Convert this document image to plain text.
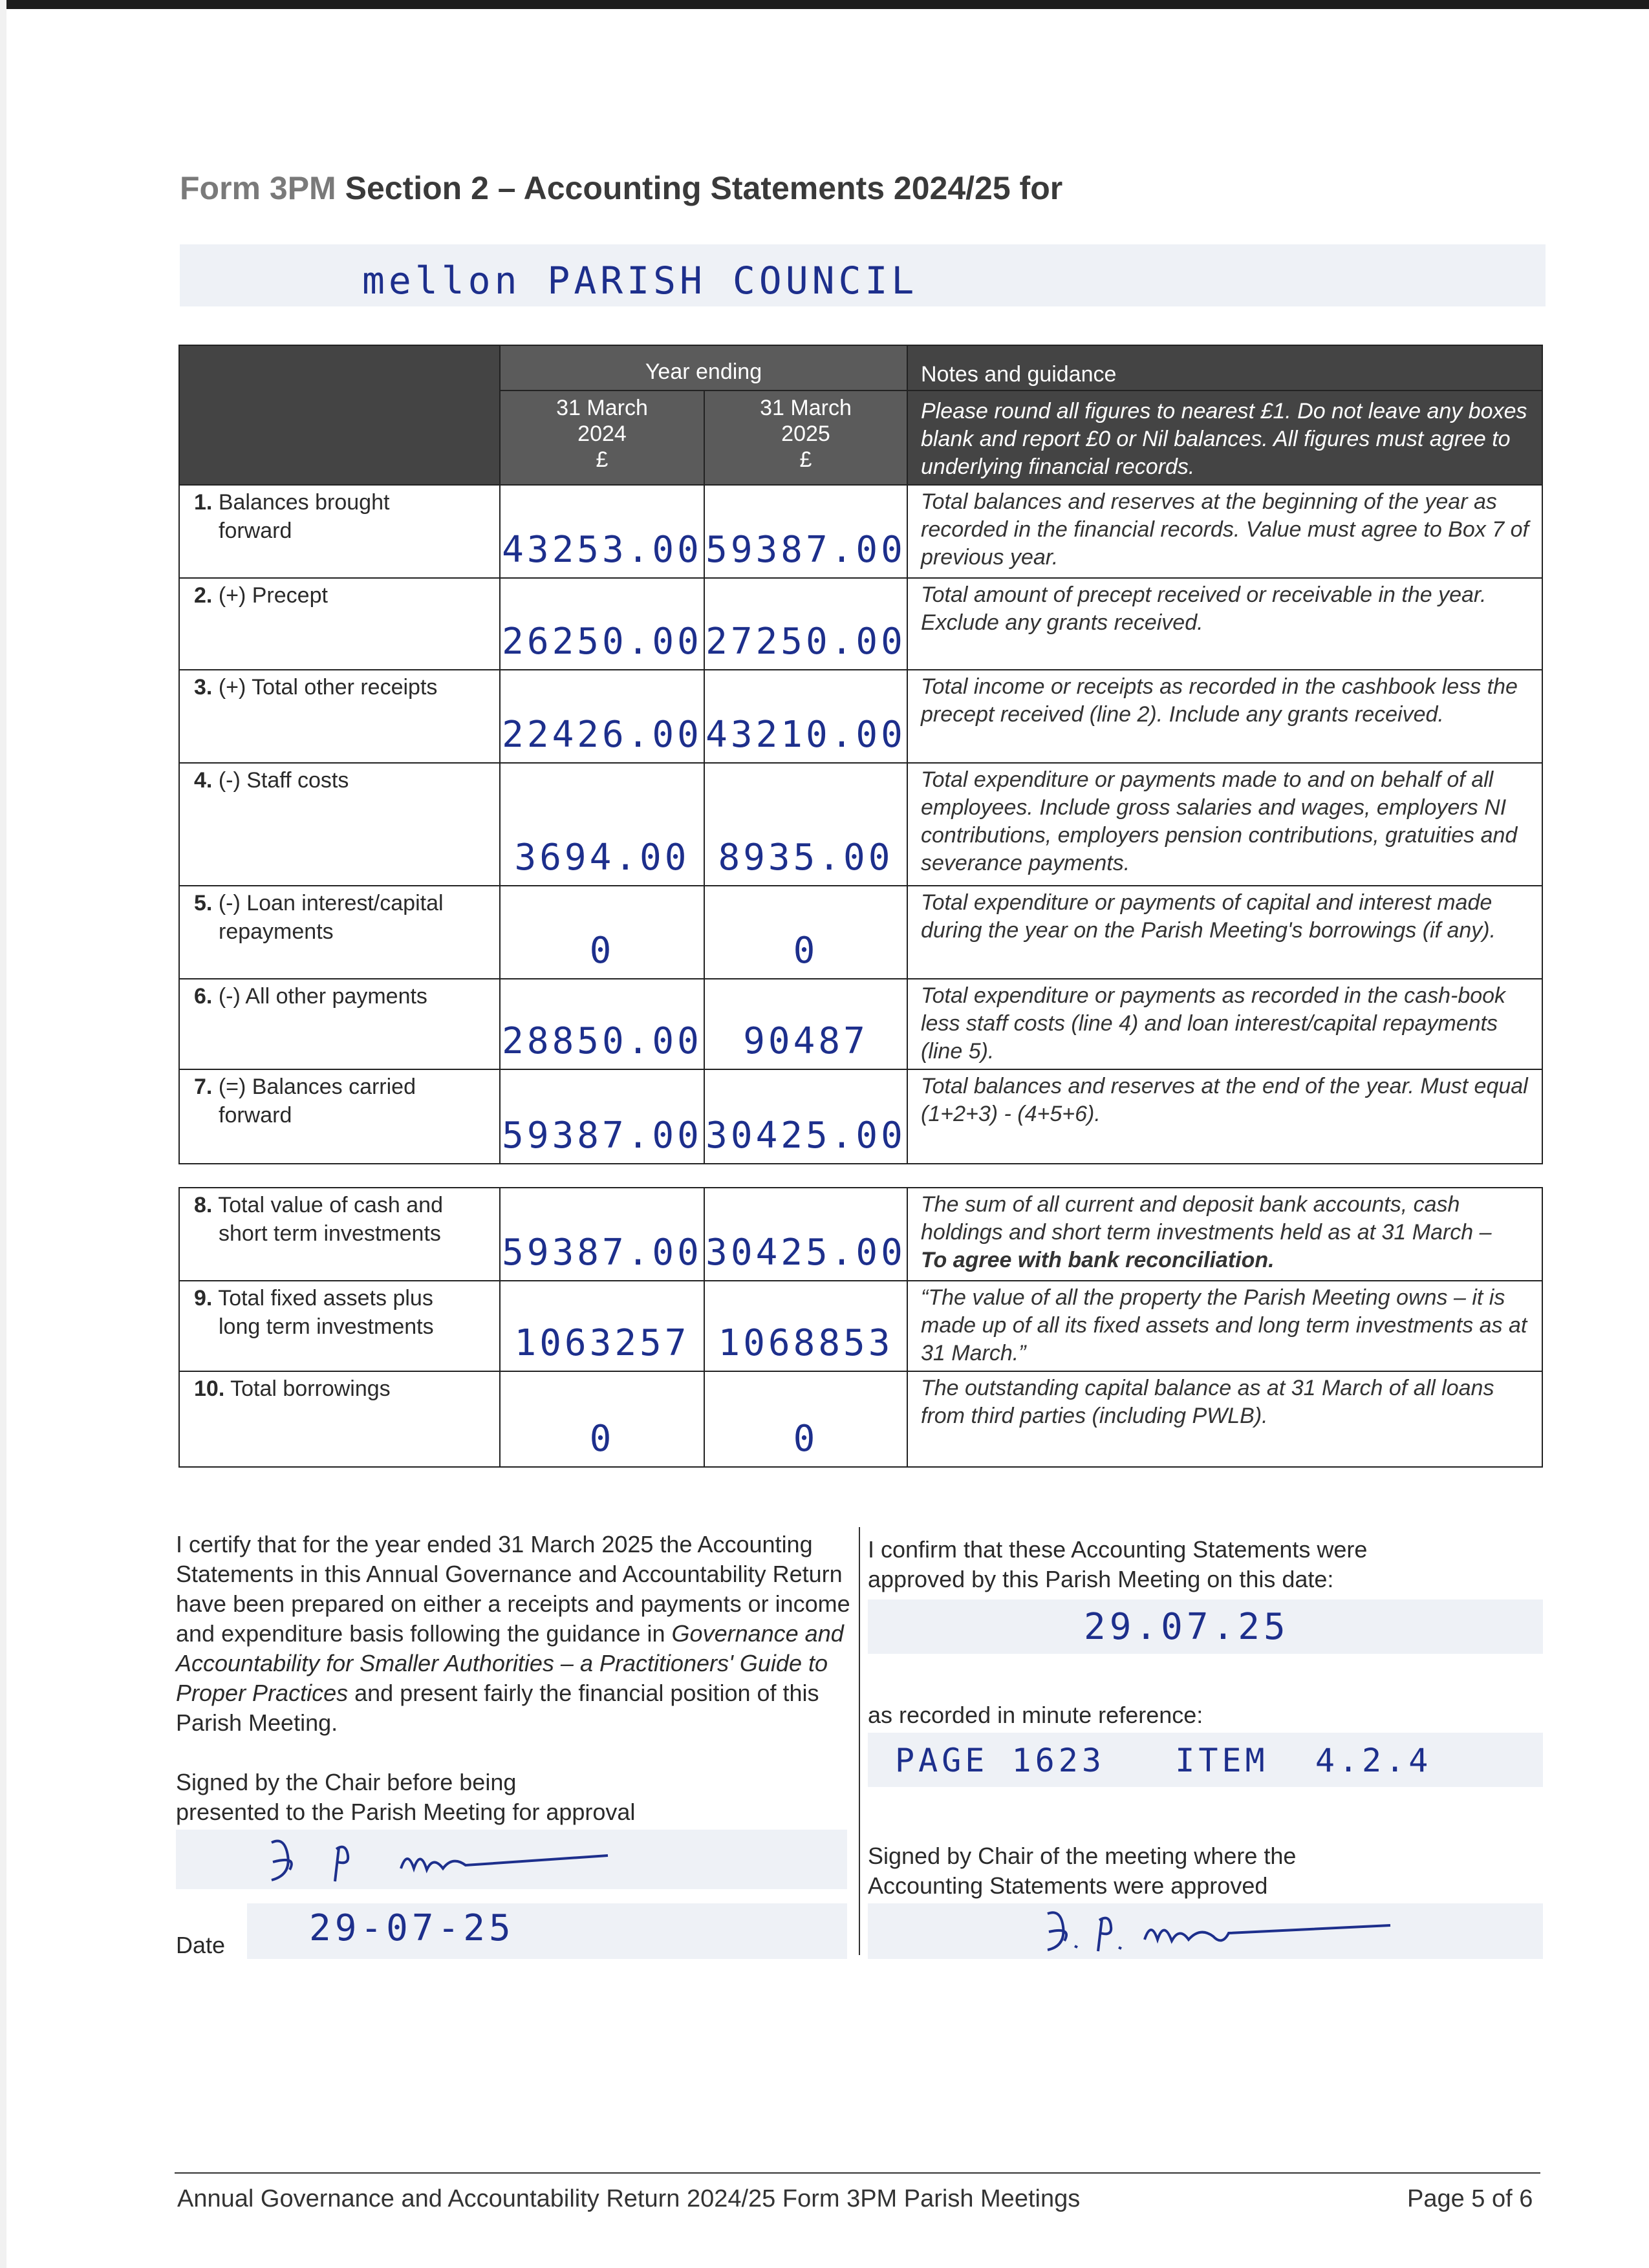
Form 3PM Section 2 – Accounting Statements 2024/25 for
mellon PARISH COUNCIL
Year ending
31 March
2024
£
31 March
2025
£
Notes and guidance
Please round all figures to nearest £1. Do not leave any boxes blank and report £0 or Nil balances. All figures must agree to underlying financial records.
1. Balances brought
forward	43253.00 59387.00
Total balances and reserves at the beginning of the year as recorded in the financial records. Value must agree to Box 7 of previous year.
2. (+) Precept
26250.00 27250.00
Total amount of precept received or receivable in the year. Exclude any grants received.
3. (+) Total other receipts
22426.00 43210.00
Total income or receipts as recorded in the cashbook less the precept received (line 2). Include any grants received.
4. (-) Staff costs
3694.00 8935.00
Total expenditure or payments made to and on behalf of all employees. Include gross salaries and wages, employers NI contributions, employers pension contributions, gratuities and severance payments.
5. (-) Loan interest/capital
repayments	0	0
Total expenditure or payments of capital and interest made during the year on the Parish Meeting's borrowings (if any).
6. (-) All other payments
28850.00 90487
Total expenditure or payments as recorded in the cash-book less staff costs (line 4) and loan interest/capital repayments (line 5).
7. (=) Balances carried
forward	59387.00 30425.00
Total balances and reserves at the end of the year. Must equal (1+2+3) - (4+5+6).
8. Total value of cash and
short term investments	59387.00 30425.00
The sum of all current and deposit bank accounts, cash holdings and short term investments held as at 31 March –
To agree with bank reconciliation.
9. Total fixed assets plus
long term investments	1063257 1068853
“The value of all the property the Parish Meeting owns – it is made up of all its fixed assets and long term investments as at 31 March.”
10. Total borrowings
0	0
The outstanding capital balance as at 31 March of all loans from third parties (including PWLB).
I certify that for the year ended 31 March 2025 the Accounting Statements in this Annual Governance and Accountability Return have been prepared on either a receipts and payments or income and expenditure basis following the guidance in Governance and Accountability for Smaller Authorities – a Practitioners' Guide to Proper Practices and present fairly the financial position of this Parish Meeting.
Signed by the Chair before being
presented to the Parish Meeting for approval
Date 29-07-25
I confirm that these Accounting Statements were
approved by this Parish Meeting on this date:
29.07.25
as recorded in minute reference:
PAGE 1623   ITEM  4.2.4
Signed by Chair of the meeting where the
Accounting Statements were approved
Annual Governance and Accountability Return 2024/25 Form 3PM Parish Meetings	Page 5 of 6
